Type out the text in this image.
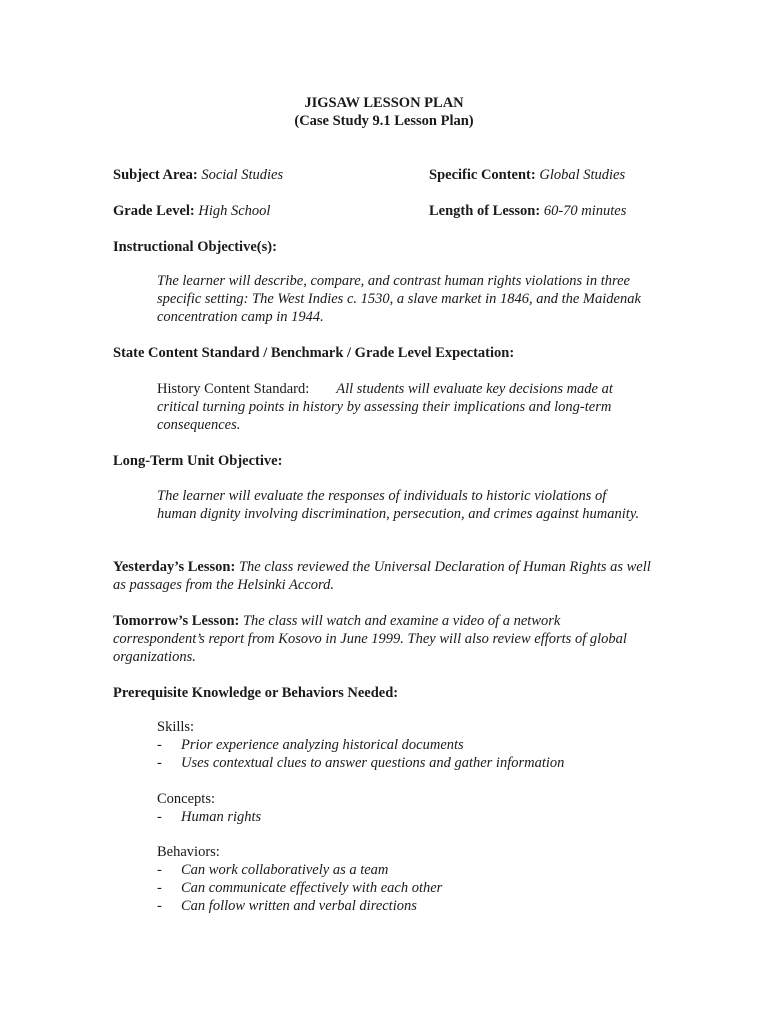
JIGSAW LESSON PLAN
(Case Study 9.1 Lesson Plan)
Subject Area: Social Studies	Specific Content: Global Studies
Grade Level: High School	Length of Lesson: 60-70 minutes
Instructional Objective(s):
The learner will describe, compare, and contrast human rights violations in three specific setting: The West Indies c. 1530, a slave market in 1846, and the Maidenak concentration camp in 1944.
State Content Standard / Benchmark / Grade Level Expectation:
History Content Standard: All students will evaluate key decisions made at critical turning points in history by assessing their implications and long-term consequences.
Long-Term Unit Objective:
The learner will evaluate the responses of individuals to historic violations of human dignity involving discrimination, persecution, and crimes against humanity.
Yesterday’s Lesson: The class reviewed the Universal Declaration of Human Rights as well as passages from the Helsinki Accord.
Tomorrow’s Lesson: The class will watch and examine a video of a network correspondent’s report from Kosovo in June 1999. They will also review efforts of global organizations.
Prerequisite Knowledge or Behaviors Needed:
Skills:
- Prior experience analyzing historical documents
- Uses contextual clues to answer questions and gather information
Concepts:
- Human rights
Behaviors:
- Can work collaboratively as a team
- Can communicate effectively with each other
- Can follow written and verbal directions
